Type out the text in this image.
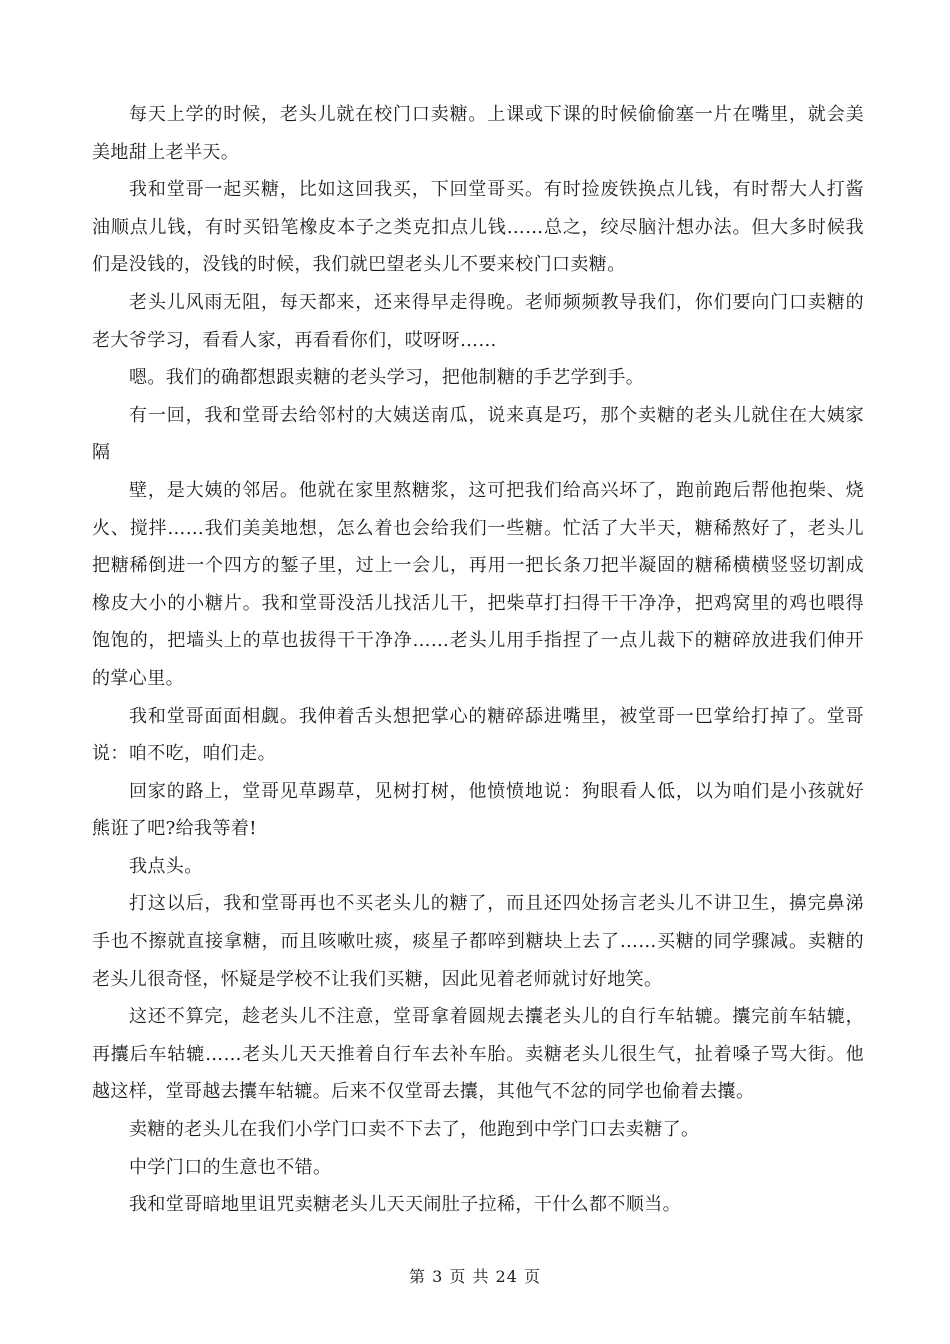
每天上学的时候，老头儿就在校门口卖糖。上课或下课的时候偷偷塞一片在嘴里，就会美美地甜上老半天。

我和堂哥一起买糖，比如这回我买，下回堂哥买。有时捡废铁换点儿钱，有时帮大人打酱油顺点儿钱，有时买铅笔橡皮本子之类克扣点儿钱……总之，绞尽脑汁想办法。但大多时候我们是没钱的，没钱的时候，我们就巴望老头儿不要来校门口卖糖。

老头儿风雨无阻，每天都来，还来得早走得晚。老师频频教导我们，你们要向门口卖糖的老大爷学习，看看人家，再看看你们，哎呀呀……

嗯。我们的确都想跟卖糖的老头学习，把他制糖的手艺学到手。

有一回，我和堂哥去给邻村的大姨送南瓜，说来真是巧，那个卖糖的老头儿就住在大姨家隔

壁，是大姨的邻居。他就在家里熬糖浆，这可把我们给高兴坏了，跑前跑后帮他抱柴、烧火、搅拌……我们美美地想，怎么着也会给我们一些糖。忙活了大半天，糖稀熬好了，老头儿把糖稀倒进一个四方的錾子里，过上一会儿，再用一把长条刀把半凝固的糖稀横横竖竖切割成橡皮大小的小糖片。我和堂哥没活儿找活儿干，把柴草打扫得干干净净，把鸡窝里的鸡也喂得饱饱的，把墙头上的草也拔得干干净净……老头儿用手指捏了一点儿裁下的糖碎放进我们伸开的掌心里。

我和堂哥面面相觑。我伸着舌头想把掌心的糖碎舔进嘴里，被堂哥一巴掌给打掉了。堂哥说：咱不吃，咱们走。

回家的路上，堂哥见草踢草，见树打树，他愤愤地说：狗眼看人低，以为咱们是小孩就好熊诳了吧?给我等着!

我点头。

打这以后，我和堂哥再也不买老头儿的糖了，而且还四处扬言老头儿不讲卫生，擤完鼻涕手也不擦就直接拿糖，而且咳嗽吐痰，痰星子都啐到糖块上去了……买糖的同学骤减。卖糖的老头儿很奇怪，怀疑是学校不让我们买糖，因此见着老师就讨好地笑。

这还不算完，趁老头儿不注意，堂哥拿着圆规去攮老头儿的自行车轱辘。攮完前车轱辘，再攮后车轱辘……老头儿天天推着自行车去补车胎。卖糖老头儿很生气，扯着嗓子骂大街。他越这样，堂哥越去攮车轱辘。后来不仅堂哥去攮，其他气不忿的同学也偷着去攮。

卖糖的老头儿在我们小学门口卖不下去了，他跑到中学门口去卖糖了。

中学门口的生意也不错。

我和堂哥暗地里诅咒卖糖老头儿天天闹肚子拉稀，干什么都不顺当。

第 3 页 共 24 页
